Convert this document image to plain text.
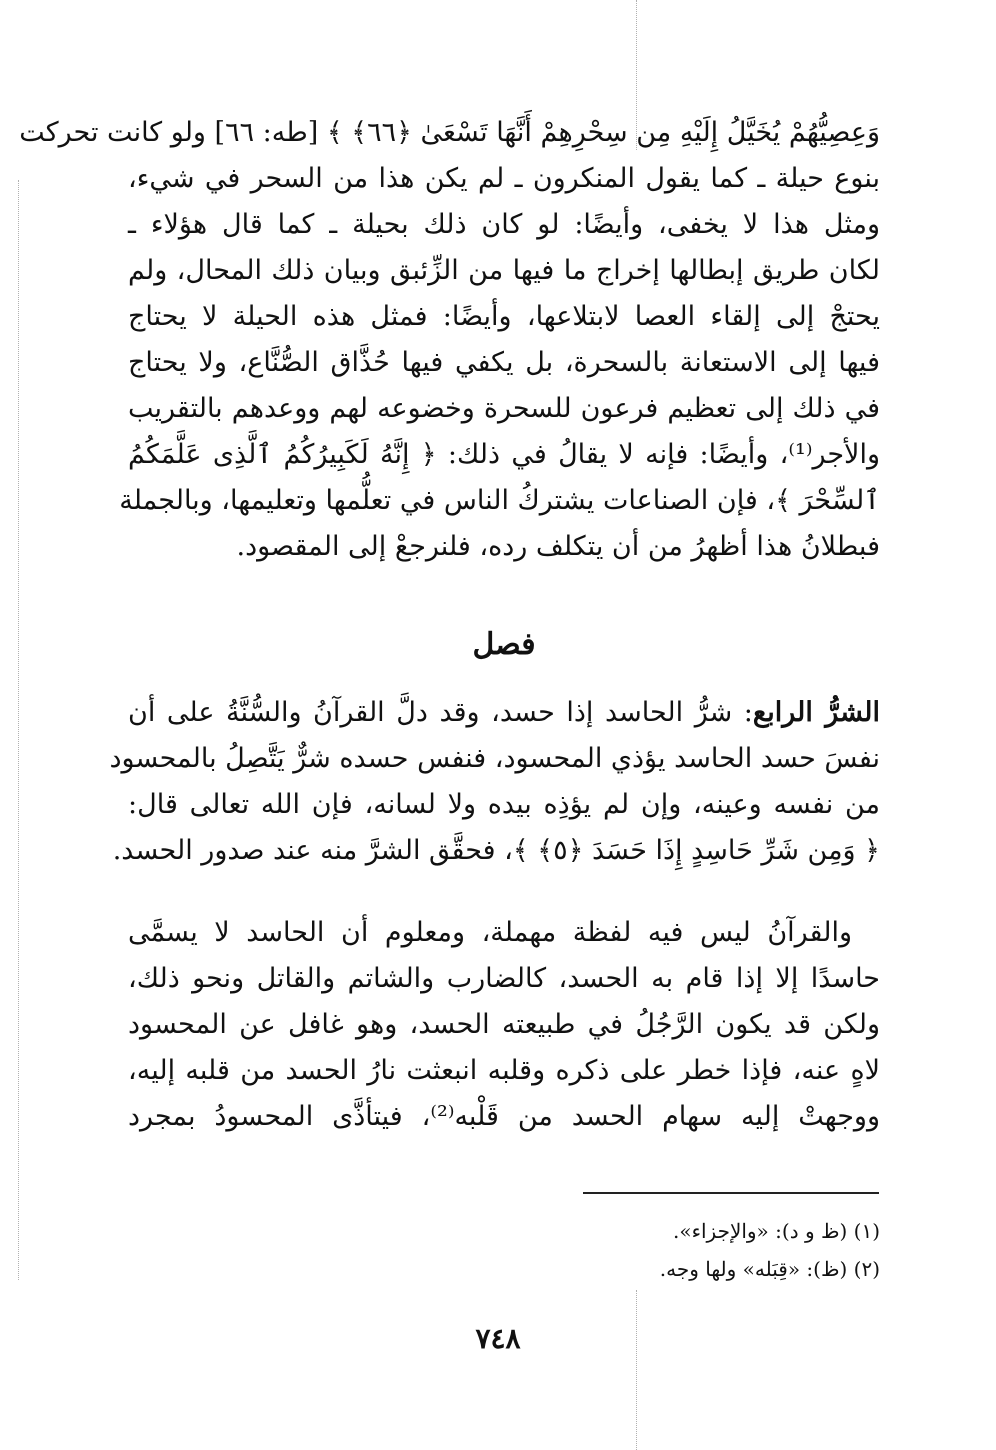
وَعِصِيُّهُمْ يُخَيَّلُ إِلَيْهِ مِن سِحْرِهِمْ أَنَّهَا تَسْعَىٰ ﴿٦٦﴾ ﴾ [طه: ٦٦] ولو كانت تحركت
بنوع حيلة ـ كما يقول المنكرون ـ لم يكن هذا من السحر في شيء،
ومثل هذا لا يخفى، وأيضًا: لو كان ذلك بحيلة ـ كما قال هؤلاء ـ
لكان طريق إبطالها إخراج ما فيها من الزِّئبق وبيان ذلك المحال، ولم
يحتجْ إلى إلقاء العصا لابتلاعها، وأيضًا: فمثل هذه الحيلة لا يحتاج
فيها إلى الاستعانة بالسحرة، بل يكفي فيها حُذَّاق الصُّنَّاع، ولا يحتاج
في ذلك إلى تعظيم فرعون للسحرة وخضوعه لهم ووعدهم بالتقريب
والأجر⁽¹⁾، وأيضًا: فإنه لا يقالُ في ذلك: ﴿ إِنَّهُ لَكَبِيرُكُمُ ٱلَّذِى عَلَّمَكُمُ
ٱلسِّحْرَ ﴾، فإن الصناعات يشتركُ الناس في تعلُّمها وتعليمها، وبالجملة
فبطلانُ هذا أظهرُ من أن يتكلف رده، فلنرجعْ إلى المقصود.
فصل
الشرُّ الرابع: شرُّ الحاسد إذا حسد، وقد دلَّ القرآنُ والسُّنَّةُ على أن
نفسَ حسد الحاسد يؤذي المحسود، فنفس حسده شرٌّ يَتَّصِلُ بالمحسود
من نفسه وعينه، وإن لم يؤذِه بيده ولا لسانه، فإن الله تعالى قال:
﴿ وَمِن شَرِّ حَاسِدٍ إِذَا حَسَدَ ﴿٥﴾ ﴾، فحقَّق الشرَّ منه عند صدور الحسد.
والقرآنُ ليس فيه لفظة مهملة، ومعلوم أن الحاسد لا يسمَّى
حاسدًا إلا إذا قام به الحسد، كالضارب والشاتم والقاتل ونحو ذلك،
ولكن قد يكون الرَّجُلُ في طبيعته الحسد، وهو غافل عن المحسود
لاهٍ عنه، فإذا خطر على ذكره وقلبه انبعثت نارُ الحسد من قلبه إليه،
ووجهتْ إليه سهام الحسد من قَلْبه⁽²⁾، فيتأذَّى المحسودُ بمجرد
(١) (ظ و د): «والإجزاء».
(٢) (ظ): «قِبَله» ولها وجه.
٧٤٨
